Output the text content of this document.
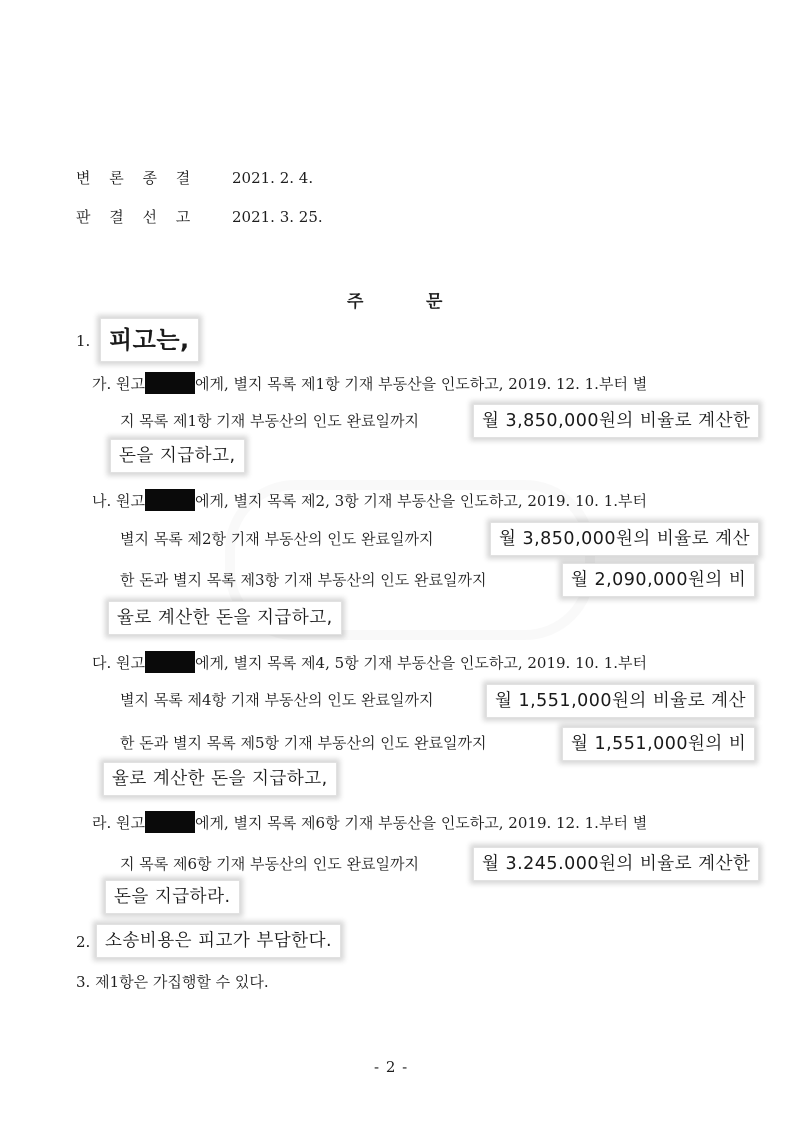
변 론 종 결 2021. 2. 4.
판 결 선 고 2021. 3. 25.
주	문
1. 피고는,
가. 원고	에게, 별지 목록 제1항 기재 부동산을 인도하고, 2019. 12. 1.부터 별
지 목록 제1항 기재 부동산의 인도 완료일까지	월 3,850,000원의 비율로 계산한
돈을 지급하고,
나. 원고	에게, 별지 목록 제2, 3항 기재 부동산을 인도하고, 2019. 10. 1.부터
별지 목록 제2항 기재 부동산의 인도 완료일까지	월 3,850,000원의 비율로 계산
한 돈과 별지 목록 제3항 기재 부동산의 인도 완료일까지	월 2,090,000원의 비
율로 계산한 돈을 지급하고,
다. 원고	에게, 별지 목록 제4, 5항 기재 부동산을 인도하고, 2019. 10. 1.부터
별지 목록 제4항 기재 부동산의 인도 완료일까지	월 1,551,000원의 비율로 계산
한 돈과 별지 목록 제5항 기재 부동산의 인도 완료일까지	월 1,551,000원의 비
율로 계산한 돈을 지급하고,
라. 원고	에게, 별지 목록 제6항 기재 부동산을 인도하고, 2019. 12. 1.부터 별
지 목록 제6항 기재 부동산의 인도 완료일까지	월 3.245.000원의 비율로 계산한
돈을 지급하라.
2. 소송비용은 피고가 부담한다.
3. 제1항은 가집행할 수 있다.
- 2 -
